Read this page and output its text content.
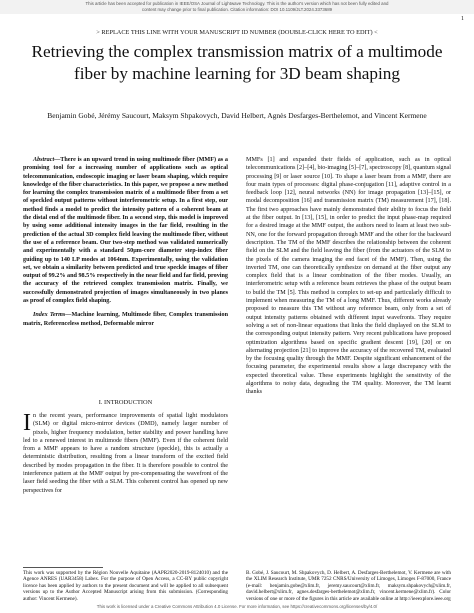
This article has been accepted for publication in IEEE/OSA Journal of Lightwave Technology. This is the author's version which has not been fully edited and
content may change prior to final publication. Citation information: DOI 10.1109/JLT.2024.3373689
1
> REPLACE THIS LINE WITH YOUR MANUSCRIPT ID NUMBER (DOUBLE-CLICK HERE TO EDIT) <
Retrieving the complex transmission matrix of a multimode fiber by machine learning for 3D beam shaping
Benjamin Gobé, Jérémy Saucourt, Maksym Shpakovych, David Helbert, Agnès Desfarges-Berthelemot, and Vincent Kermene

Abstract—There is an upward trend in using multimode fiber (MMF) as a promising tool for a increasing number of applications such as optical telecommunication, endoscopic imaging or laser beam shaping, which require knowledge of the fiber characteristics. In this paper, we propose a new method for learning the complex transmission matrix of a multimode fiber from a set of speckled output patterns without interferometric setup. In a first step, our method finds a model to predict the intensity pattern of a coherent beam at the distal end of the multimode fiber. In a second step, this model is improved by using some additional intensity images in the far field, resulting in the prediction of the actual 3D complex field leaving the multimode fiber, without the use of a reference beam. Our two-step method was validated numerically and experimentally with a standard 50μm-core diameter step-index fiber guiding up to 140 LP modes at 1064nm. Experimentally, using the validation set, we obtain a similarity between predicted and true speckle images of fiber output of 99.2% and 98.5% respectively in the near field and far field, proving the accuracy of the retrieved complex transmission matrix. Finally, we successfully demonstrated projection of images simultaneously in two planes as proof of complex field shaping.

Index Terms—Machine learning, Multimode fiber, Complex transmission matrix, Referenceless method, Deformable mirror

I. INTRODUCTION
In the recent years, performance improvements of spatial light modulators (SLM) or digital micro-mirror devices (DMD), namely larger number of pixels, higher frequency modulation, better stability and power handling have led to a renewed interest in multimode fibers (MMF). Even if the coherent field from a MMF appears to have a random structure (speckle), this is actually a deterministic distribution, resulting from a linear transform of the excited field described by modes propagation in the fiber. It is therefore possible to control the interference pattern at the MMF output by pre-compensating the wavefront of the laser field seeding the fiber with a SLM. This coherent control has opened up new perspectives for
MMFs [1] and expanded their fields of application, such as in optical telecommunications [2]–[4], bio-imaging [5]–[7], spectroscopy [8], quantum signal processing [9] or laser source [10]. To shape a laser beam from a MMF, there are four main types of processes: digital phase-conjugation [11], adaptive control in a feedback loop [12], neural networks (NN) for image propagation [13]–[15], or modal decomposition [16] and transmission matrix (TM) measurement [17], [18]. The first two approaches have mainly demonstrated their ability to focus the field at the fiber output. In [13], [15], in order to predict the input phase-map required for a desired image at the MMF output, the authors need to learn at least two sub-NN, one for the forward propagation through MMF and the other for the backward description. The TM of the MMF describes the relationship between the coherent field on the SLM and the field leaving the fiber (from the actuators of the SLM to the pixels of the camera imaging the end facet of the MMF). Then, using the inverted TM, one can theoretically synthesize on demand at the fiber output any complex field that is a linear combination of the fiber modes. Usually, an interferometric setup with a reference beam retrieves the phase of the output beam to build the TM [5]. This method is complex to set-up and particularly difficult to implement when measuring the TM of a long MMF. Thus, different works already proposed to measure this TM without any reference beam, only from a set of output intensity patterns obtained with different input wavefronts. They require solving a set of non-linear equations that links the field displayed on the SLM to the corresponding output intensity pattern. Very recent publications have proposed optimization algorithms based on specific gradient descent [19], [20] or on alternating projection [21] to improve the accuracy of the recovered TM, evaluated by the focusing quality through the MMF. Despite significant enhancement of the focusing parameter, the experimental results show a large discrepancy with the expected theoretical value. These experiments highlight the sensitivity of the algorithms to noisy data, degrading the TM quality. Moreover, the TM learnt thanks
This work was supported by the Région Nouvelle Aquitaine (AAPR2020-2019-8124010) and the Agence ANRES (UAR3458) Labex. For the purpose of Open Access, a CC-BY public copyright licence has been applied by authors to the present document and will be applied to all subsequent versions up to the Author Accepted Manuscript arising from this submission. (Corresponding author: Vincent Kermene).
B. Gobé, J. Saucourt, M. Shpakovych, D. Helbert, A. Desfarges-Berthelemot, V. Kermene are with the XLIM Research Institute, UMR 7252 CNRS/University of Limoges, Limoges F-87000, France (e-mail: benjamin.gobe@xlim.fr, jeremy.saucourt@xlim.fr, maksym.shpakovych@xlim.fr, david.helbert@xlim.fr, agnes.desfarges-berthelemot@xlim.fr, vincent.kermene@xlim.fr). Color versions of one or more of the figures in this article are available online at http://ieeexplore.ieee.org
This work is licensed under a Creative Commons Attribution 4.0 License. For more information, see https://creativecommons.org/licenses/by/4.0/
